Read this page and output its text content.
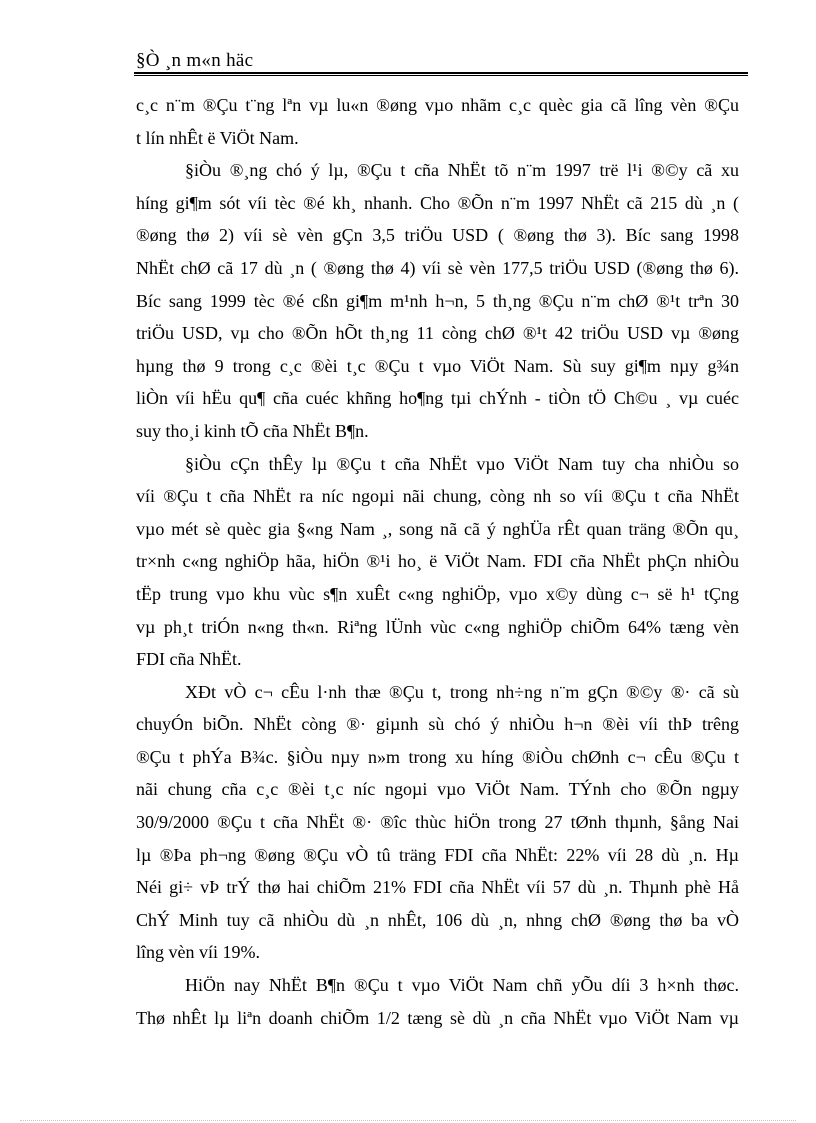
§Ò ¸n m«n häc
c¸c n¨m ®Çu t¨ng lªn vµ lu«n ®øng vµo nhãm c¸c quèc gia cã lîng vèn ®Çu
t lín nhÊt ë ViÖt Nam.
§iÒu ®¸ng chó ý lµ, ®Çu t cña NhËt tõ n¨m 1997 trë l¹i ®©y cã xu
híng gi¶m sót víi tèc ®é kh¸ nhanh. Cho ®Õn n¨m 1997 NhËt cã 215 dù ¸n (
®øng thø 2) víi sè vèn gÇn 3,5 triÖu USD ( ®øng thø 3). Bíc sang 1998
NhËt chØ cã 17 dù ¸n ( ®øng thø 4) víi sè vèn 177,5 triÖu USD (®øng thø 6).
Bíc sang 1999 tèc ®é cßn gi¶m m¹nh h¬n, 5 th¸ng ®Çu n¨m chØ ®¹t trªn 30
triÖu USD, vµ cho ®Õn hÕt th¸ng 11 còng chØ ®¹t 42 triÖu USD vµ ®øng
hµng thø 9 trong c¸c ®èi t¸c ®Çu t vµo ViÖt Nam. Sù suy gi¶m nµy g¾n
liÒn víi hËu qu¶ cña cuéc khñng ho¶ng tµi chÝnh - tiÒn tÖ Ch©u ¸ vµ cuéc
suy tho¸i kinh tÕ cña NhËt B¶n.
§iÒu cÇn thÊy lµ ®Çu t cña NhËt vµo ViÖt Nam tuy cha nhiÒu so
víi ®Çu t cña NhËt ra níc ngoµi nãi chung, còng nh so víi ®Çu t cña NhËt
vµo mét sè quèc gia §«ng Nam ¸, song nã cã ý nghÜa rÊt quan träng ®Õn qu¸
tr×nh c«ng nghiÖp hãa, hiÖn ®¹i ho¸ ë ViÖt Nam. FDI cña NhËt phÇn nhiÒu
tËp trung vµo khu vùc s¶n xuÊt c«ng nghiÖp, vµo x©y dùng c¬ së h¹ tÇng
vµ ph¸t triÓn n«ng th«n. Riªng lÜnh vùc c«ng nghiÖp chiÕm 64% tæng vèn
FDI cña NhËt.
XÐt vÒ c¬ cÊu l·nh thæ ®Çu t, trong nh÷ng n¨m gÇn ®©y ®· cã sù
chuyÓn biÕn. NhËt còng ®· giµnh sù chó ý nhiÒu h¬n ®èi víi thÞ trêng
®Çu t phÝa B¾c. §iÒu nµy n»m trong xu híng ®iÒu chØnh c¬ cÊu ®Çu t
nãi chung cña c¸c ®èi t¸c níc ngoµi vµo ViÖt Nam. TÝnh cho ®Õn ngµy
30/9/2000 ®Çu t cña NhËt ®· ®îc thùc hiÖn trong 27 tØnh thµnh, §ång Nai
lµ ®Þa ph¬ng ®øng ®Çu vÒ tû träng FDI cña NhËt: 22% víi 28 dù ¸n. Hµ
Néi gi÷ vÞ trÝ thø hai chiÕm 21% FDI cña NhËt víi 57 dù ¸n. Thµnh phè Hå
ChÝ Minh tuy cã nhiÒu dù ¸n nhÊt, 106 dù ¸n, nhng chØ ®øng thø ba vÒ
lîng vèn víi 19%.
HiÖn nay NhËt B¶n ®Çu t vµo ViÖt Nam chñ yÕu díi 3 h×nh thøc.
Thø nhÊt lµ liªn doanh chiÕm 1/2 tæng sè dù ¸n cña NhËt vµo ViÖt Nam vµ
